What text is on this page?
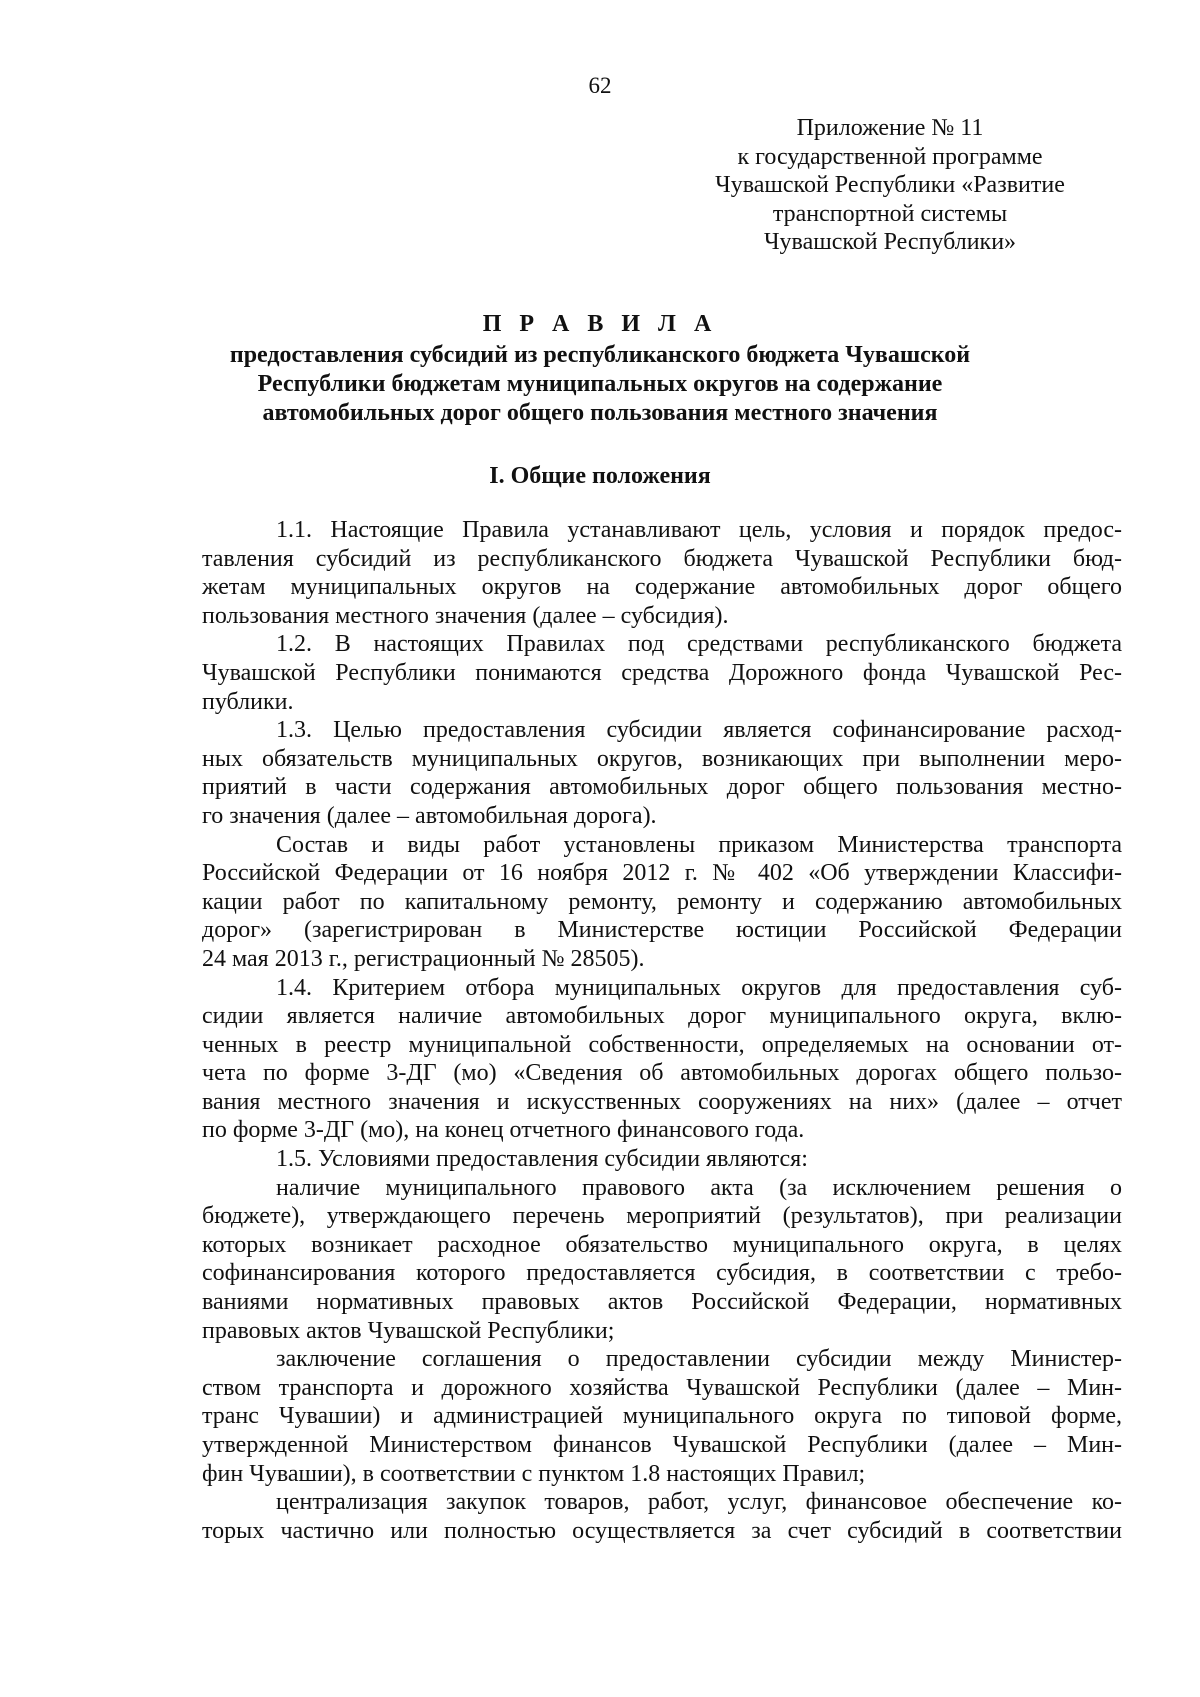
62
Приложение № 11
к государственной программе
Чувашской Республики «Развитие
транспортной системы
Чувашской Республики»
П Р А В И Л А
предоставления субсидий из республиканского бюджета Чувашской
Республики бюджетам муниципальных округов на содержание
автомобильных дорог общего пользования местного значения
I. Общие положения
1.1. Настоящие Правила устанавливают цель, условия и порядок предос-
тавления субсидий из республиканского бюджета Чувашской Республики бюд-
жетам муниципальных округов на содержание автомобильных дорог общего
пользования местного значения (далее – субсидия).
1.2. В настоящих Правилах под средствами республиканского бюджета
Чувашской Республики понимаются средства Дорожного фонда Чувашской Рес-
публики.
1.3. Целью предоставления субсидии является софинансирование расход-
ных обязательств муниципальных округов, возникающих при выполнении меро-
приятий в части содержания автомобильных дорог общего пользования местно-
го значения (далее – автомобильная дорога).
Состав и виды работ установлены приказом Министерства транспорта
Российской Федерации от 16 ноября 2012 г. № 402 «Об утверждении Классифи-
кации работ по капитальному ремонту, ремонту и содержанию автомобильных
дорог» (зарегистрирован в Министерстве юстиции Российской Федерации
24 мая 2013 г., регистрационный № 28505).
1.4. Критерием отбора муниципальных округов для предоставления суб-
сидии является наличие автомобильных дорог муниципального округа, вклю-
ченных в реестр муниципальной собственности, определяемых на основании от-
чета по форме 3-ДГ (мо) «Сведения об автомобильных дорогах общего пользо-
вания местного значения и искусственных сооружениях на них» (далее – отчет
по форме 3-ДГ (мо), на конец отчетного финансового года.
1.5. Условиями предоставления субсидии являются:
наличие муниципального правового акта (за исключением решения о
бюджете), утверждающего перечень мероприятий (результатов), при реализации
которых возникает расходное обязательство муниципального округа, в целях
софинансирования которого предоставляется субсидия, в соответствии с требо-
ваниями нормативных правовых актов Российской Федерации, нормативных
правовых актов Чувашской Республики;
заключение соглашения о предоставлении субсидии между Министер-
ством транспорта и дорожного хозяйства Чувашской Республики (далее – Мин-
транс Чувашии) и администрацией муниципального округа по типовой форме,
утвержденной Министерством финансов Чувашской Республики (далее – Мин-
фин Чувашии), в соответствии с пунктом 1.8 настоящих Правил;
централизация закупок товаров, работ, услуг, финансовое обеспечение ко-
торых частично или полностью осуществляется за счет субсидий в соответствии
